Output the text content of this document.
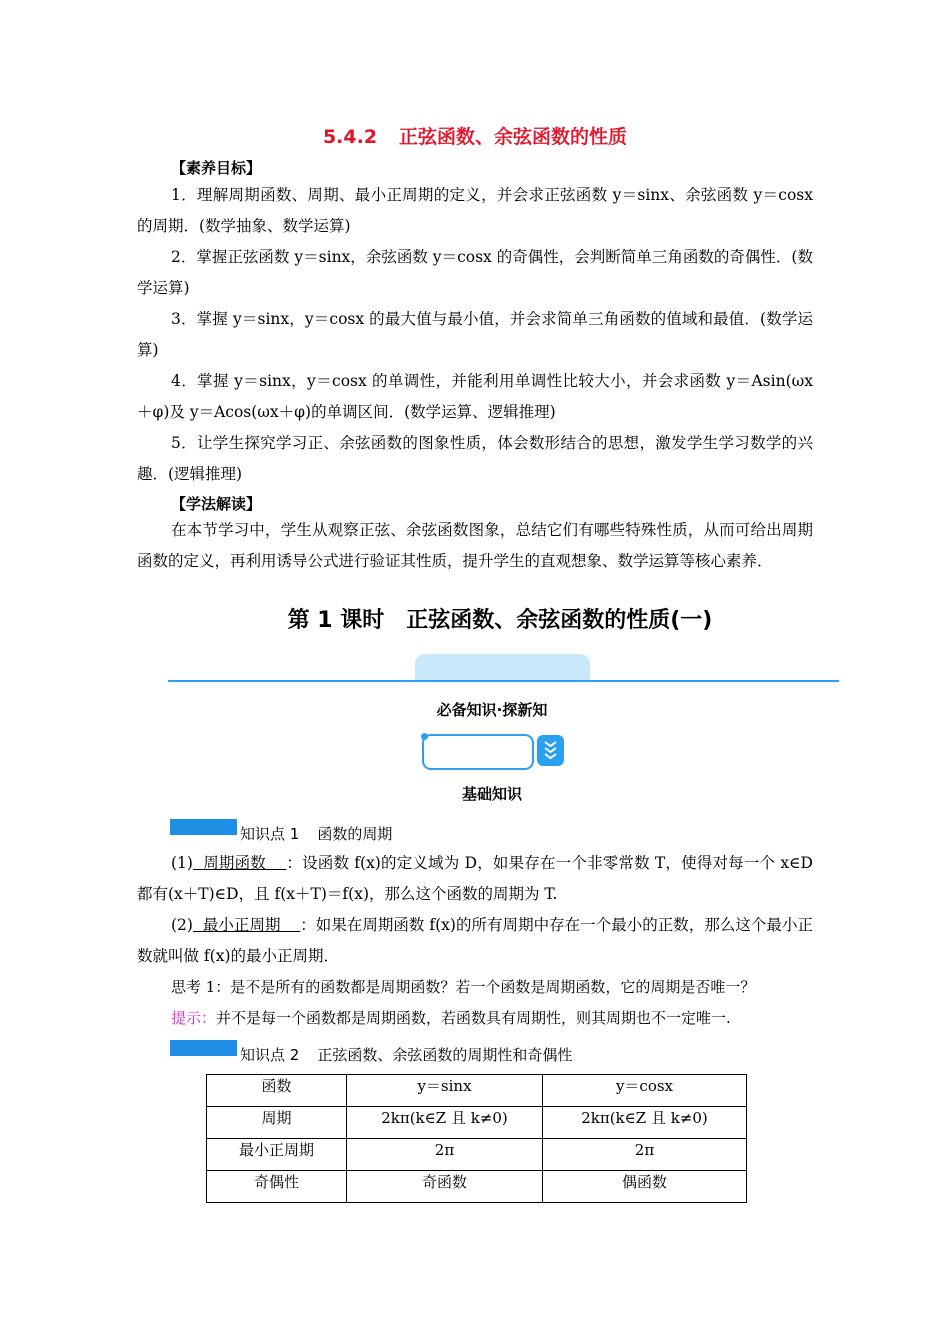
5.4.2 正弦函数、余弦函数的性质
【素养目标】

1．理解周期函数、周期、最小正周期的定义，并会求正弦函数 y＝sinx、余弦函数 y＝cosx 的周期．(数学抽象、数学运算)

2．掌握正弦函数 y＝sinx，余弦函数 y＝cosx 的奇偶性，会判断简单三角函数的奇偶性．(数学运算)

3．掌握 y＝sinx，y＝cosx 的最大值与最小值，并会求简单三角函数的值域和最值．(数学运算)

4．掌握 y＝sinx，y＝cosx 的单调性，并能利用单调性比较大小，并会求函数 y＝Asin(ωx＋φ)及 y＝Acos(ωx＋φ)的单调区间．(数学运算、逻辑推理)

5．让学生探究学习正、余弦函数的图象性质，体会数形结合的思想，激发学生学习数学的兴趣．(逻辑推理)

【学法解读】

在本节学习中，学生从观察正弦、余弦函数图象，总结它们有哪些特殊性质，从而可给出周期函数的定义，再利用诱导公式进行验证其性质，提升学生的直观想象、数学运算等核心素养．

第 1 课时　正弦函数、余弦函数的性质(一)
必备知识·探新知
基础知识
知识点 1 函数的周期

(1) 周期函数 ：设函数 f(x)的定义域为 D，如果存在一个非零常数 T，使得对每一个 x∈D 都有(x＋T)∈D，且 f(x＋T)＝f(x)，那么这个函数的周期为 T.

(2) 最小正周期 ：如果在周期函数 f(x)的所有周期中存在一个最小的正数，那么这个最小正数就叫做 f(x)的最小正周期．

思考 1：是不是所有的函数都是周期函数？若一个函数是周期函数，它的周期是否唯一？
提示：并不是每一个函数都是周期函数，若函数具有周期性，则其周期也不一定唯一.
知识点 2 正弦函数、余弦函数的周期性和奇偶性
函数	y＝sinx	y＝cosx
周期	2kπ(k∈Z 且 k≠0)	2kπ(k∈Z 且 k≠0)
最小正周期	2π	2π
奇偶性	奇函数	偶函数
